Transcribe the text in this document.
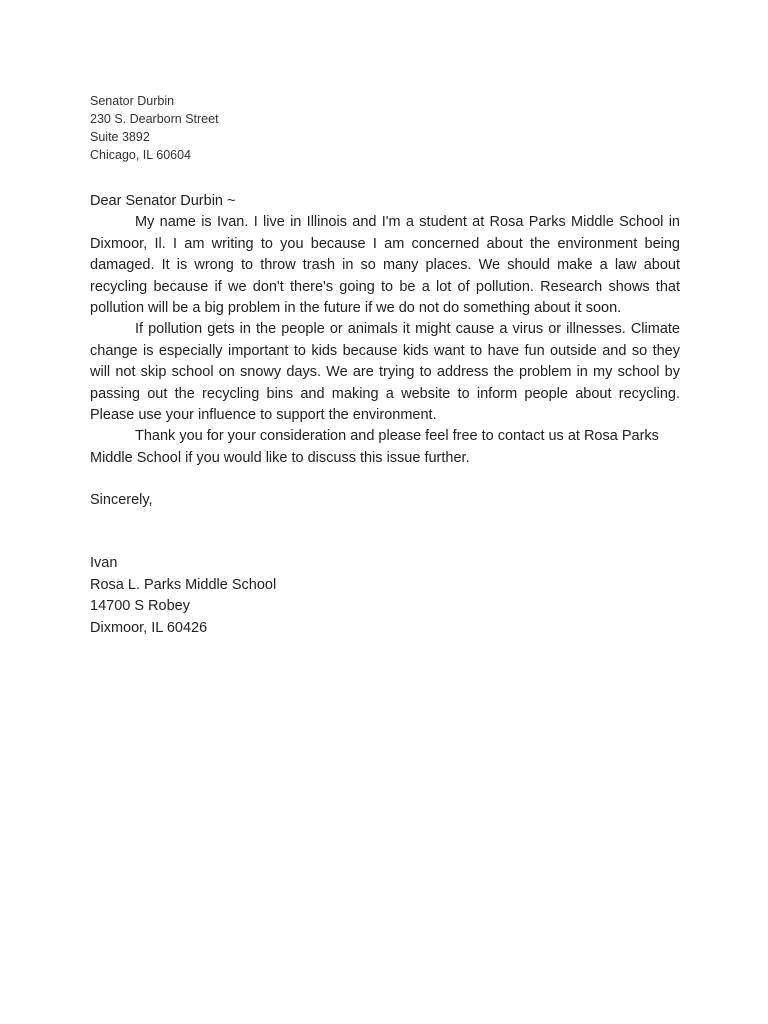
Senator Durbin
230 S. Dearborn Street
Suite 3892
Chicago, IL 60604

Dear Senator Durbin ~

My name is Ivan. I live in Illinois and I'm a student at Rosa Parks Middle School in Dixmoor, Il. I am writing to you because I am concerned about the environment being damaged. It is wrong to throw trash in so many places. We should make a law about recycling because if we don't there's going to be a lot of pollution. Research shows that pollution will be a big problem in the future if we do not do something about it soon.

If pollution gets in the people or animals it might cause a virus or illnesses. Climate change is especially important to kids because kids want to have fun outside and so they will not skip school on snowy days. We are trying to address the problem in my school by passing out the recycling bins and making a website to inform people about recycling. Please use your influence to support the environment.

Thank you for your consideration and please feel free to contact us at Rosa Parks Middle School if you would like to discuss this issue further.

Sincerely,
Ivan
Rosa L. Parks Middle School
14700 S Robey
Dixmoor, IL 60426
